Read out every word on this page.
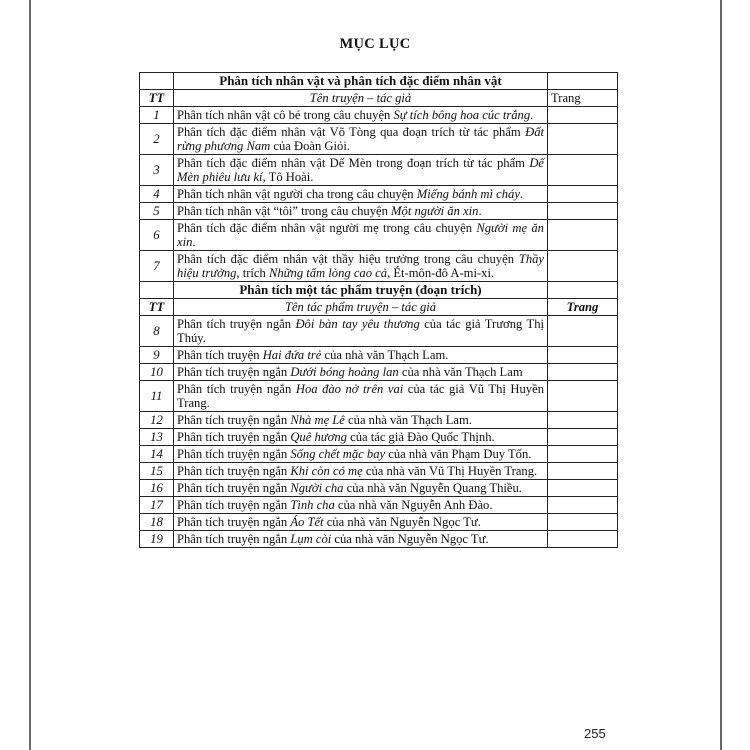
MỤC LỤC
	Phân tích nhân vật và phân tích đặc điểm nhân vật	
TT	Tên truyện – tác giả	Trang
1	Phân tích nhân vật cô bé trong câu chuyện Sự tích bông hoa cúc trắng.	
2	Phân tích đặc điểm nhân vật Võ Tòng qua đoạn trích từ tác phẩm Đất rừng phương Nam của Đoàn Giỏi.	
3	Phân tích đặc điểm nhân vật Dế Mèn trong đoạn trích từ tác phẩm Dế Mèn phiêu lưu kí, Tô Hoài.	
4	Phân tích nhân vật người cha trong câu chuyện Miếng bánh mì cháy.	
5	Phân tích nhân vật “tôi” trong câu chuyện Một người ăn xin.	
6	Phân tích đặc điểm nhân vật người mẹ trong câu chuyện Người mẹ ăn xin.	
7	Phân tích đặc điểm nhân vật thầy hiệu trưởng trong câu chuyện Thầy hiệu trưởng, trích Những tấm lòng cao cả, Ét-môn-đô A-mi-xi.	
	Phân tích một tác phẩm truyện (đoạn trích)	
TT	Tên tác phẩm truyện – tác giả	Trang
8	Phân tích truyện ngắn Đôi bàn tay yêu thương của tác giả Trương Thị Thúy.	
9	Phân tích truyện Hai đứa trẻ của nhà văn Thạch Lam.	
10	Phân tích truyện ngắn Dưới bóng hoàng lan của nhà văn Thạch Lam	
11	Phân tích truyện ngắn Hoa đào nở trên vai của tác giả Vũ Thị Huyền Trang.	
12	Phân tích truyện ngắn Nhà mẹ Lê của nhà văn Thạch Lam.	
13	Phân tích truyện ngắn Quê hương của tác giả Đào Quốc Thịnh.	
14	Phân tích truyện ngắn Sống chết mặc bay của nhà văn Phạm Duy Tốn.	
15	Phân tích truyện ngắn Khi còn có mẹ của nhà văn Vũ Thị Huyền Trang.	
16	Phân tích truyện ngắn Người cha của nhà văn Nguyễn Quang Thiều.	
17	Phân tích truyện ngắn Tình cha của nhà văn Nguyễn Anh Đào.	
18	Phân tích truyện ngắn Áo Tết của nhà văn Nguyễn Ngọc Tư.	
19	Phân tích truyện ngắn Lụm còi của nhà văn Nguyễn Ngọc Tư.	
255
